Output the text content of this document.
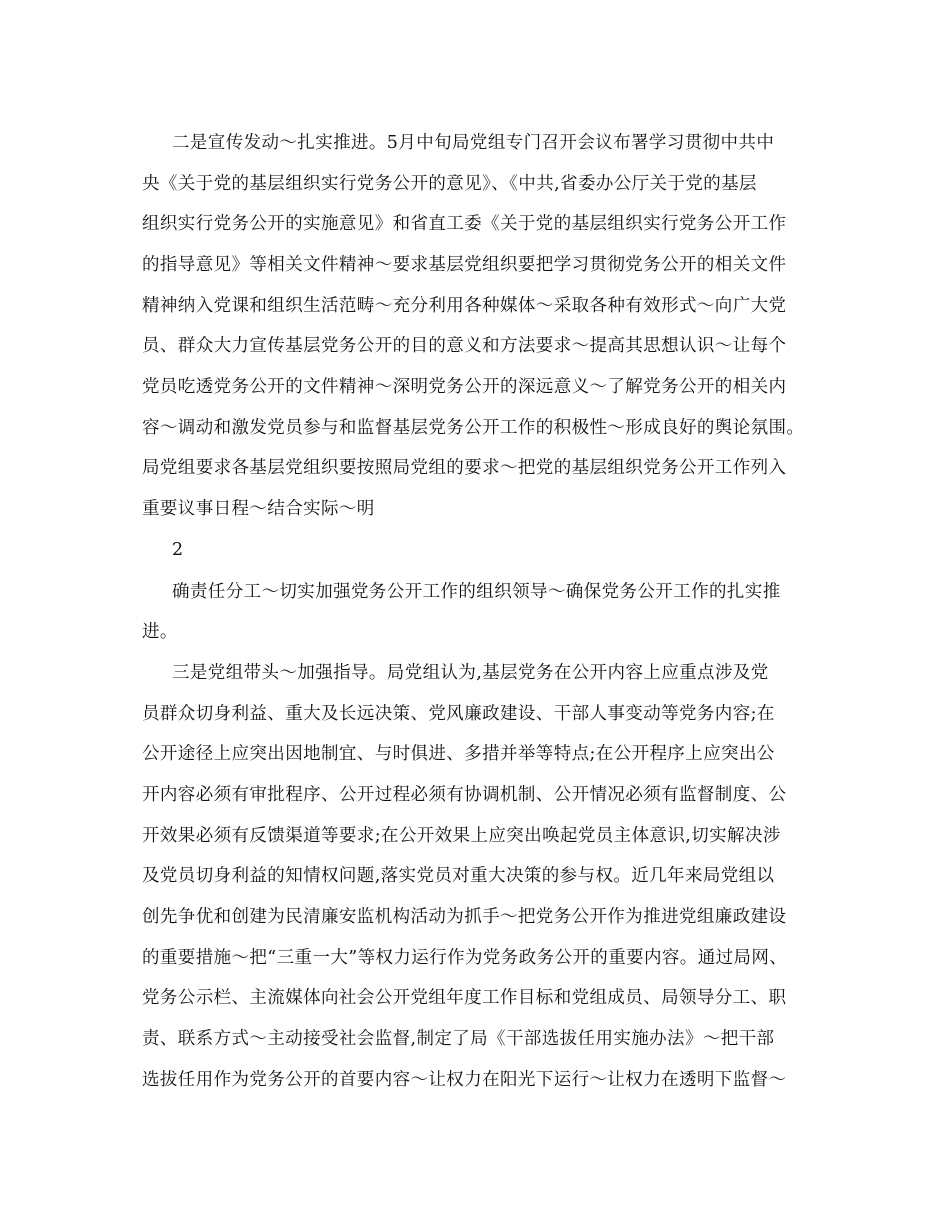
二是宣传发动～扎实推进。5月中旬局党组专门召开会议布署学习贯彻中共中
央《关于党的基层组织实行党务公开的意见》、《中共,省委办公厅关于党的基层
组织实行党务公开的实施意见》和省直工委《关于党的基层组织实行党务公开工作
的指导意见》等相关文件精神～要求基层党组织要把学习贯彻党务公开的相关文件
精神纳入党课和组织生活范畴～充分利用各种媒体～采取各种有效形式～向广大党
员、群众大力宣传基层党务公开的目的意义和方法要求～提高其思想认识～让每个
党员吃透党务公开的文件精神～深明党务公开的深远意义～了解党务公开的相关内
容～调动和激发党员参与和监督基层党务公开工作的积极性～形成良好的舆论氛围。
局党组要求各基层党组织要按照局党组的要求～把党的基层组织党务公开工作列入
重要议事日程～结合实际～明
2
确责任分工～切实加强党务公开工作的组织领导～确保党务公开工作的扎实推
进。
三是党组带头～加强指导。局党组认为,基层党务在公开内容上应重点涉及党
员群众切身利益、重大及长远决策、党风廉政建设、干部人事变动等党务内容;在
公开途径上应突出因地制宜、与时俱进、多措并举等特点;在公开程序上应突出公
开内容必须有审批程序、公开过程必须有协调机制、公开情况必须有监督制度、公
开效果必须有反馈渠道等要求;在公开效果上应突出唤起党员主体意识,切实解决涉
及党员切身利益的知情权问题,落实党员对重大决策的参与权。近几年来局党组以
创先争优和创建为民清廉安监机构活动为抓手～把党务公开作为推进党组廉政建设
的重要措施～把“三重一大”等权力运行作为党务政务公开的重要内容。通过局网、
党务公示栏、主流媒体向社会公开党组年度工作目标和党组成员、局领导分工、职
责、联系方式～主动接受社会监督,制定了局《干部选拔任用实施办法》～把干部
选拔任用作为党务公开的首要内容～让权力在阳光下运行～让权力在透明下监督～
